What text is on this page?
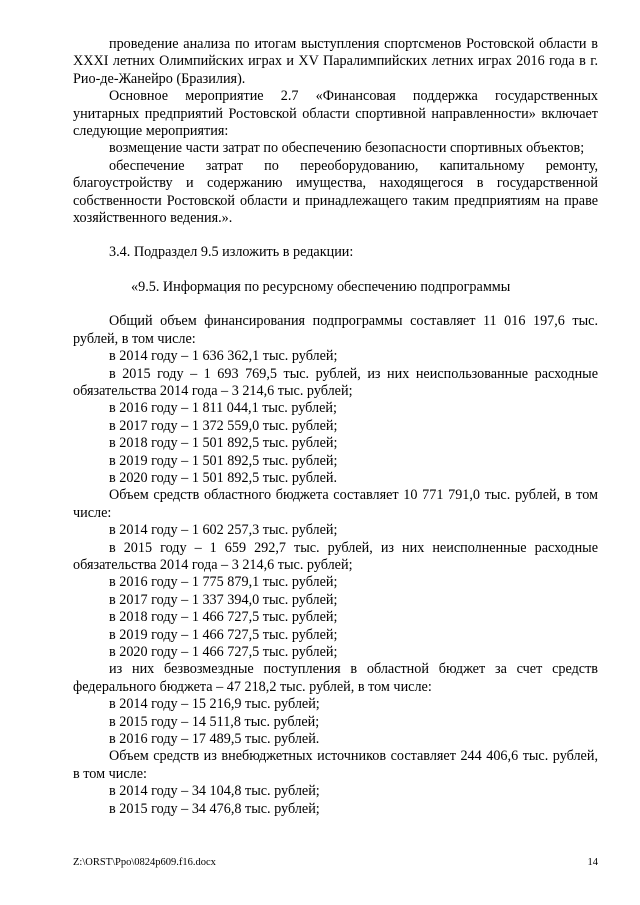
проведение анализа по итогам выступления спортсменов Ростовской области в XXXI летних Олимпийских играх и XV Паралимпийских летних играх 2016 года в г. Рио-де-Жанейро (Бразилия).

Основное мероприятие 2.7 «Финансовая поддержка государственных унитарных предприятий Ростовской области спортивной направленности» включает следующие мероприятия:

возмещение части затрат по обеспечению безопасности спортивных объектов;

обеспечение затрат по переоборудованию, капитальному ремонту, благоустройству и содержанию имущества, находящегося в государственной собственности Ростовской области и принадлежащего таким предприятиям на праве хозяйственного ведения.».

3.4. Подраздел 9.5 изложить в редакции:

«9.5. Информация по ресурсному обеспечению подпрограммы

Общий объем финансирования подпрограммы составляет 11 016 197,6 тыс. рублей, в том числе:

в 2014 году – 1 636 362,1 тыс. рублей;

в 2015 году – 1 693 769,5 тыс. рублей, из них неиспользованные расходные обязательства 2014 года – 3 214,6 тыс. рублей;

в 2016 году – 1 811 044,1 тыс. рублей;

в 2017 году – 1 372 559,0 тыс. рублей;

в 2018 году – 1 501 892,5 тыс. рублей;

в 2019 году – 1 501 892,5 тыс. рублей;

в 2020 году – 1 501 892,5 тыс. рублей.

Объем средств областного бюджета составляет 10 771 791,0 тыс. рублей, в том числе:

в 2014 году – 1 602 257,3 тыс. рублей;

в 2015 году – 1 659 292,7 тыс. рублей, из них неисполненные расходные обязательства 2014 года – 3 214,6 тыс. рублей;

в 2016 году – 1 775 879,1 тыс. рублей;

в 2017 году – 1 337 394,0 тыс. рублей;

в 2018 году – 1 466 727,5 тыс. рублей;

в 2019 году – 1 466 727,5 тыс. рублей;

в 2020 году – 1 466 727,5 тыс. рублей;

из них безвозмездные поступления в областной бюджет за счет средств федерального бюджета – 47 218,2 тыс. рублей, в том числе:

в 2014 году – 15 216,9 тыс. рублей;

в 2015 году – 14 511,8 тыс. рублей;

в 2016 году – 17 489,5 тыс. рублей.

Объем средств из внебюджетных источников составляет 244 406,6 тыс. рублей, в том числе:

в 2014 году – 34 104,8 тыс. рублей;

в 2015 году – 34 476,8 тыс. рублей;

Z:\ORST\Ppo\0824p609.f16.docx	14
